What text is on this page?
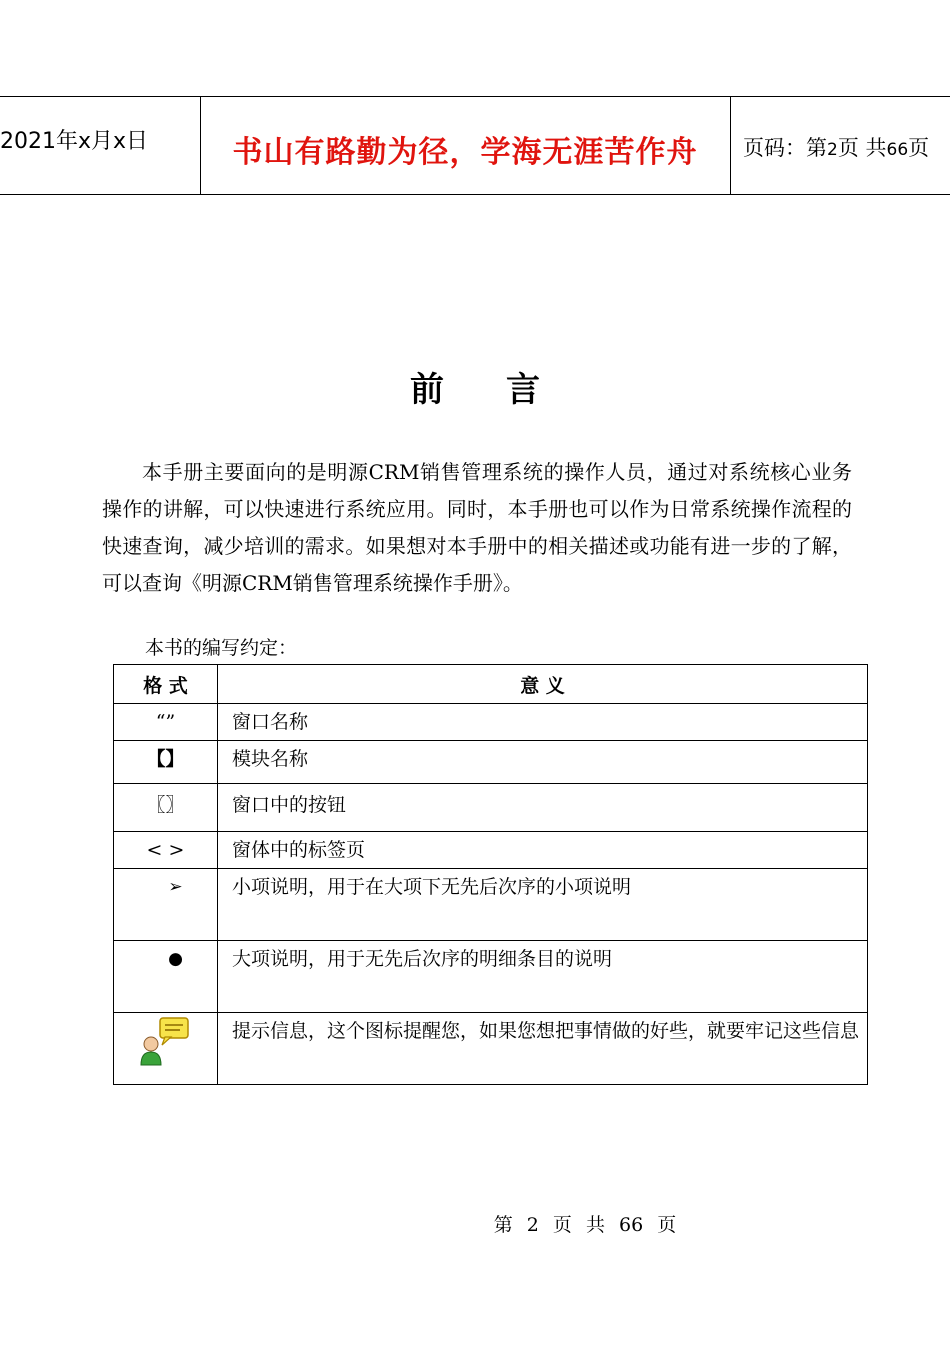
2021年x月x日	书山有路勤为径，学海无涯苦作舟	页码：第2页 共66页
前言
本手册主要面向的是明源CRM销售管理系统的操作人员，通过对系统核心业务操作的讲解，可以快速进行系统应用。同时，本手册也可以作为日常系统操作流程的快速查询，减少培训的需求。如果想对本手册中的相关描述或功能有进一步的了解，可以查询《明源CRM销售管理系统操作手册》。
本书的编写约定：
格 式	意 义

“”	窗口名称

【】	模块名称

〖〗	窗口中的按钮

< >	窗体中的标签页

➢	小项说明，用于在大项下无先后次序的小项说明

●	大项说明，用于无先后次序的明细条目的说明
	提示信息，这个图标提醒您，如果您想把事情做的好些，就要牢记这些信息
第 2 页 共 66 页
